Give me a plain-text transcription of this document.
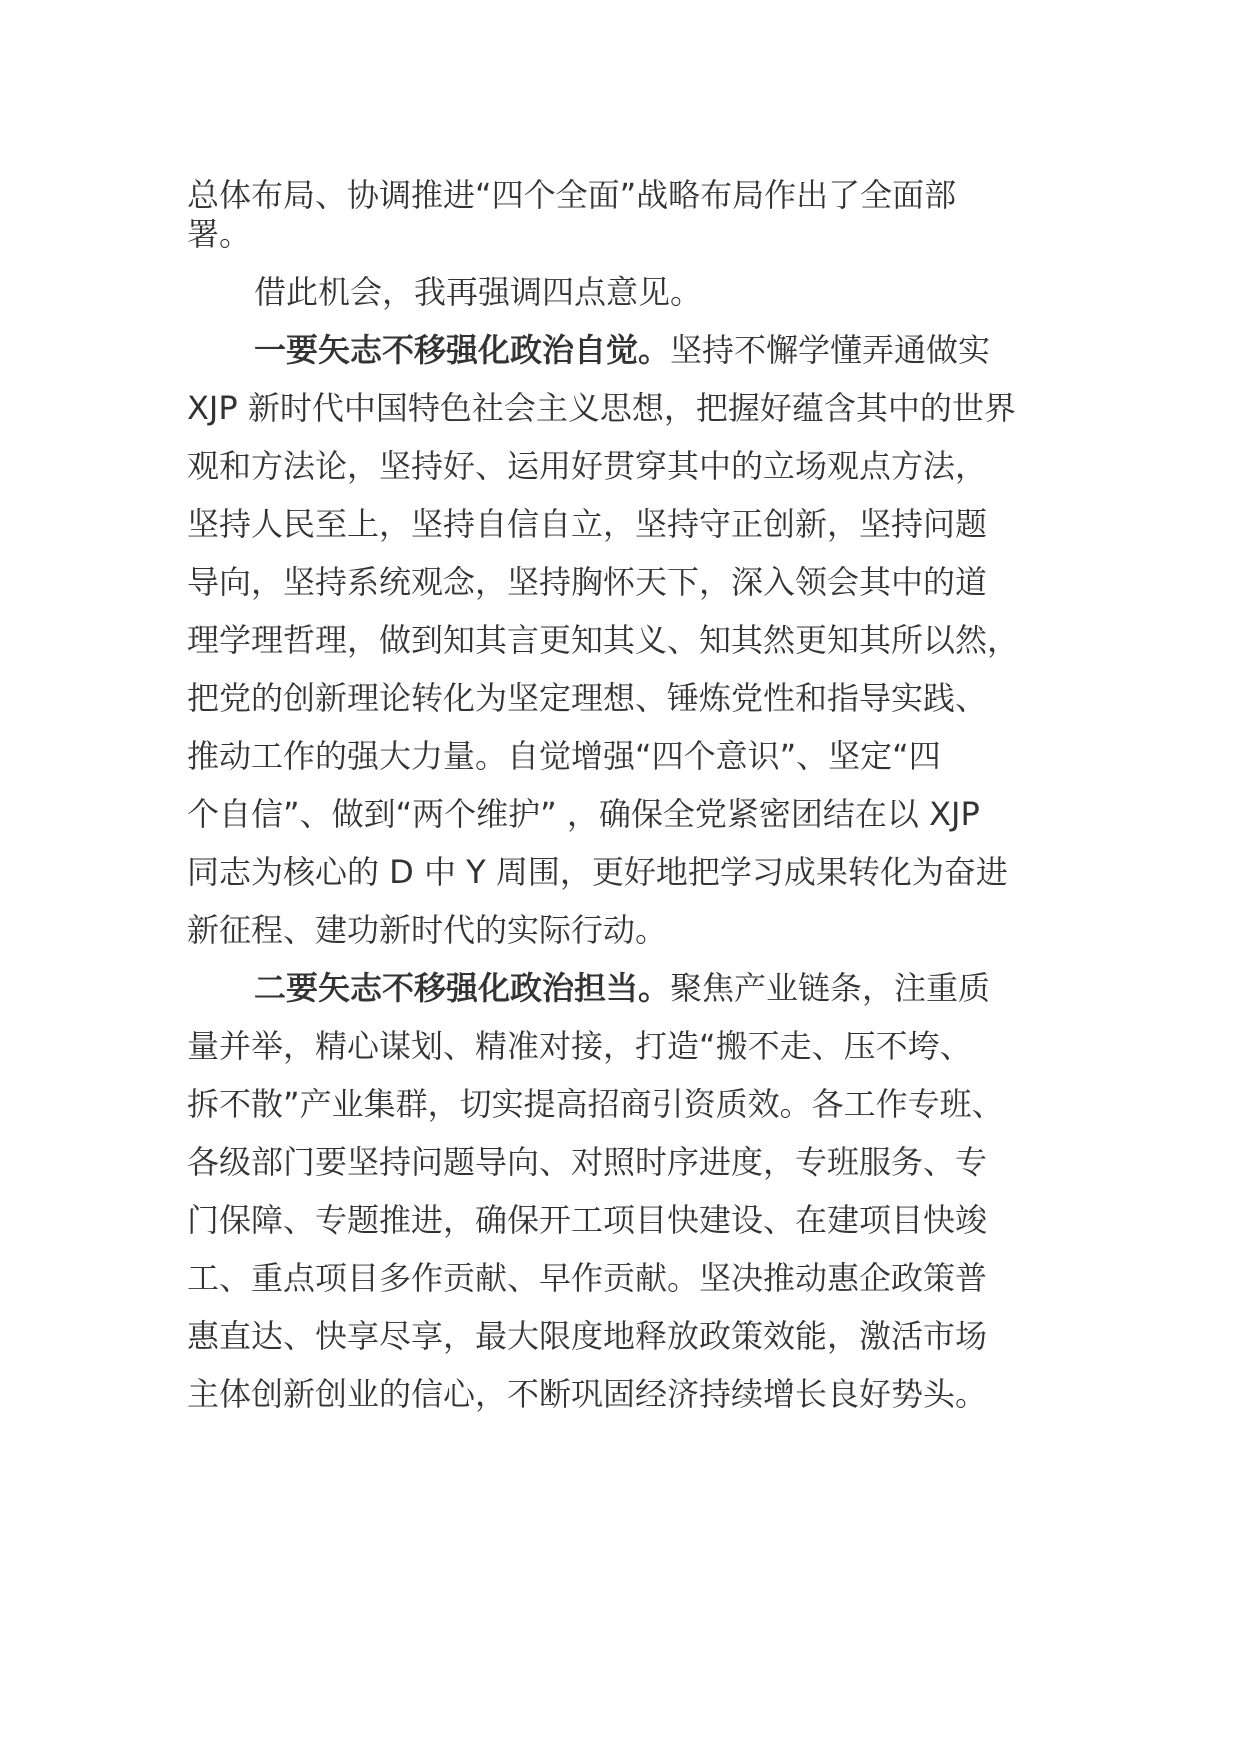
总体布局、协调推进“四个全面”战略布局作出了全面部
署。
借此机会，我再强调四点意见。
一要矢志不移强化政治自觉。坚持不懈学懂弄通做实
XJP 新时代中国特色社会主义思想，把握好蕴含其中的世界
观和方法论，坚持好、运用好贯穿其中的立场观点方法，
坚持人民至上，坚持自信自立，坚持守正创新，坚持问题
导向，坚持系统观念，坚持胸怀天下，深入领会其中的道
理学理哲理，做到知其言更知其义、知其然更知其所以然，
把党的创新理论转化为坚定理想、锤炼党性和指导实践、
推动工作的强大力量。自觉增强“四个意识”、坚定“四
个自信”、做到“两个维护” ，确保全党紧密团结在以 XJP
同志为核心的 D 中 Y 周围，更好地把学习成果转化为奋进
新征程、建功新时代的实际行动。
二要矢志不移强化政治担当。聚焦产业链条，注重质
量并举，精心谋划、精准对接，打造“搬不走、压不垮、
拆不散”产业集群，切实提高招商引资质效。各工作专班、
各级部门要坚持问题导向、对照时序进度，专班服务、专
门保障、专题推进，确保开工项目快建设、在建项目快竣
工、重点项目多作贡献、早作贡献。坚决推动惠企政策普
惠直达、快享尽享，最大限度地释放政策效能，激活市场
主体创新创业的信心，不断巩固经济持续增长良好势头。
